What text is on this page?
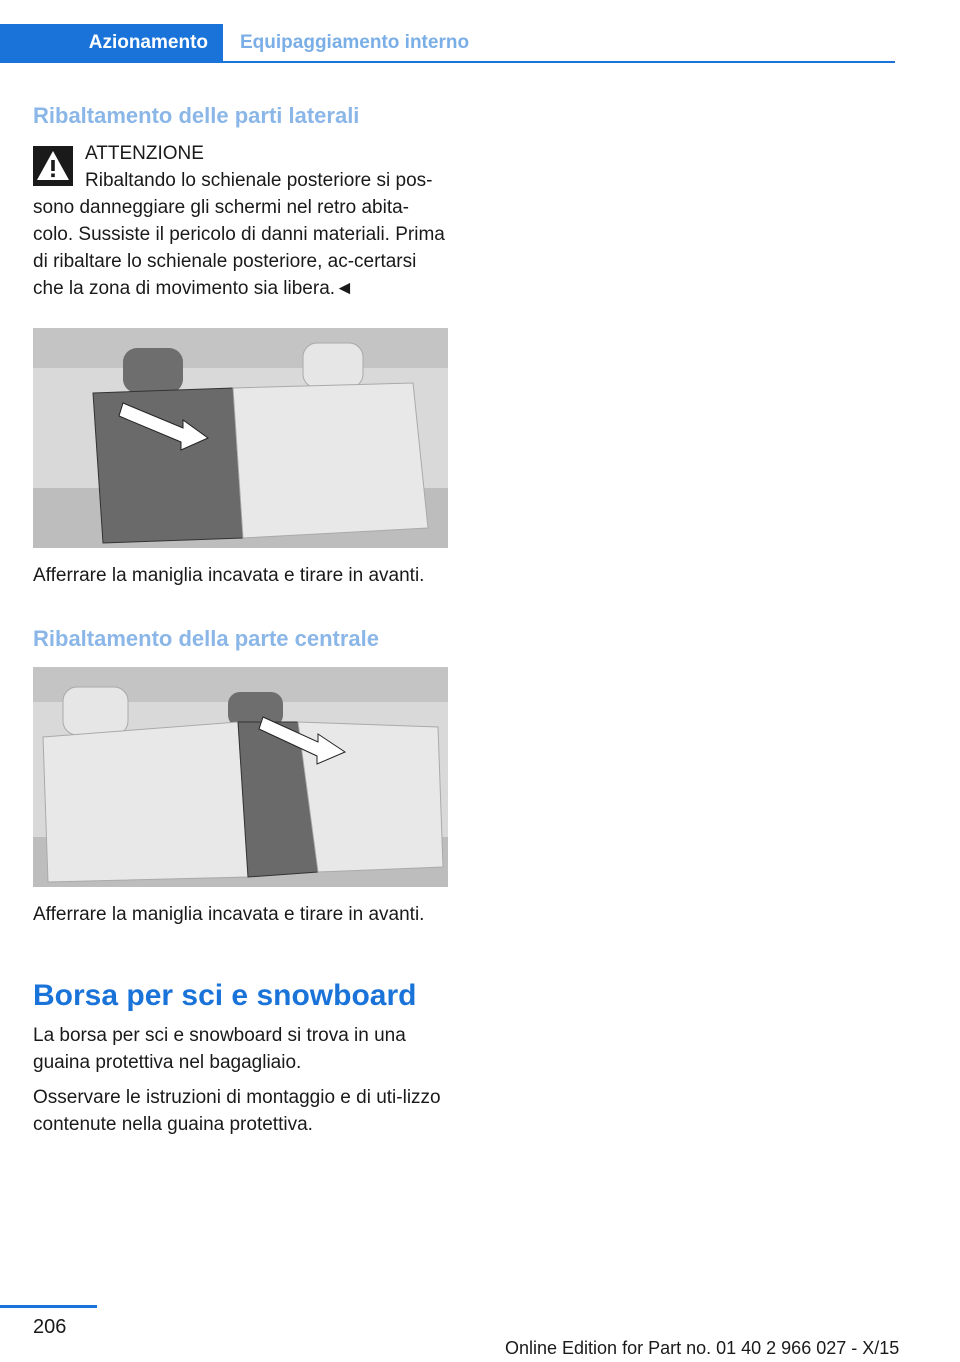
Azionamento	Equipaggiamento interno
Ribaltamento delle parti laterali

ATTENZIONE

Ribaltando lo schienale posteriore si pos-

sono danneggiare gli schermi nel retro abita-colo. Sussiste il pericolo di danni materiali. Prima di ribaltare lo schienale posteriore, ac-certarsi che la zona di movimento sia libera.◄

Afferrare la maniglia incavata e tirare in avanti.

Ribaltamento della parte centrale

Afferrare la maniglia incavata e tirare in avanti.

Borsa per sci e snowboard

La borsa per sci e snowboard si trova in una guaina protettiva nel bagagliaio.

Osservare le istruzioni di montaggio e di uti-lizzo contenute nella guaina protettiva.

206
Online Edition for Part no. 01 40 2 966 027 - X/15
